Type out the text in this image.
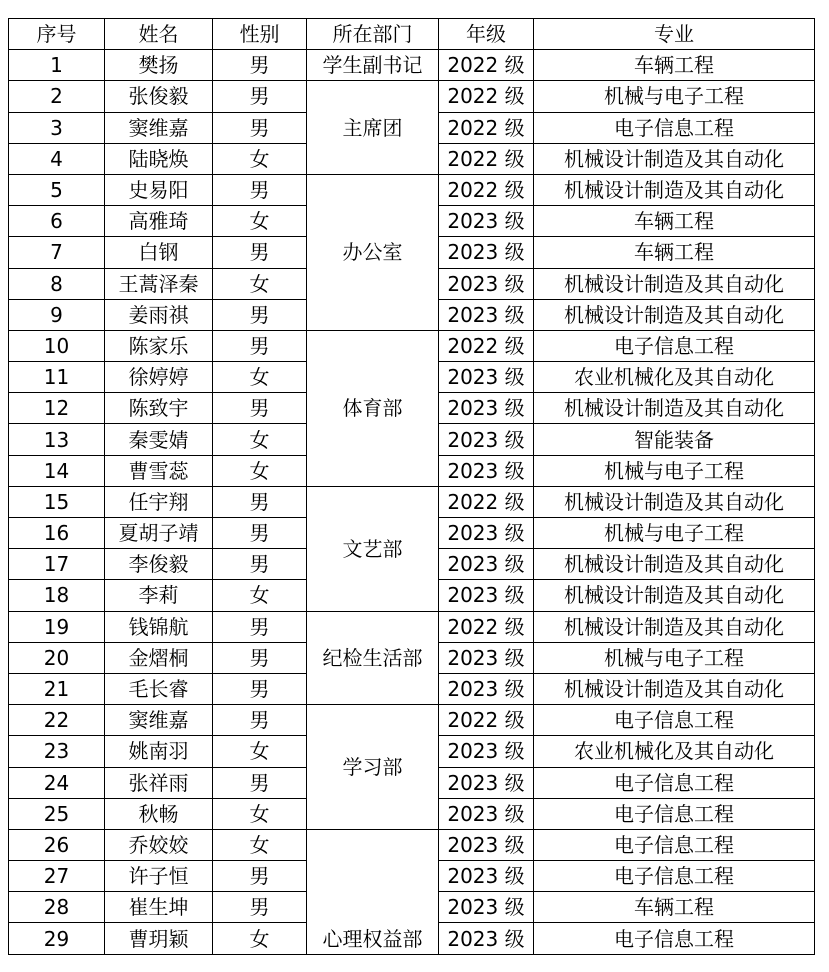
序号	姓名	性别	所在部门	年级	专业
1	樊扬	男	学生副书记	2022 级	车辆工程
2	张俊毅	男	主席团	2022 级	机械与电子工程
3	窦维嘉	男		2022 级	电子信息工程
4	陆晓焕	女		2022 级	机械设计制造及其自动化
5	史易阳	男	办公室	2022 级	机械设计制造及其自动化
6	高雅琦	女		2023 级	车辆工程
7	白钢	男		2023 级	车辆工程
8	王蒿泽秦	女		2023 级	机械设计制造及其自动化
9	姜雨祺	男		2023 级	机械设计制造及其自动化
10	陈家乐	男	体育部	2022 级	电子信息工程
11	徐婷婷	女		2023 级	农业机械化及其自动化
12	陈致宇	男		2023 级	机械设计制造及其自动化
13	秦雯婧	女		2023 级	智能装备
14	曹雪蕊	女		2023 级	机械与电子工程
15	任宇翔	男	文艺部	2022 级	机械设计制造及其自动化
16	夏胡子靖	男		2023 级	机械与电子工程
17	李俊毅	男		2023 级	机械设计制造及其自动化
18	李莉	女		2023 级	机械设计制造及其自动化
19	钱锦航	男	纪检生活部	2022 级	机械设计制造及其自动化
20	金熠桐	男		2023 级	机械与电子工程
21	毛长睿	男		2023 级	机械设计制造及其自动化
22	窦维嘉	男	学习部	2022 级	电子信息工程
23	姚南羽	女		2023 级	农业机械化及其自动化
24	张祥雨	男		2023 级	电子信息工程
25	秋畅	女		2023 级	电子信息工程
26	乔姣姣	女	心理权益部	2023 级	电子信息工程
27	许子恒	男		2023 级	电子信息工程
28	崔生坤	男		2023 级	车辆工程
29	曹玥颖	女		2023 级	电子信息工程
